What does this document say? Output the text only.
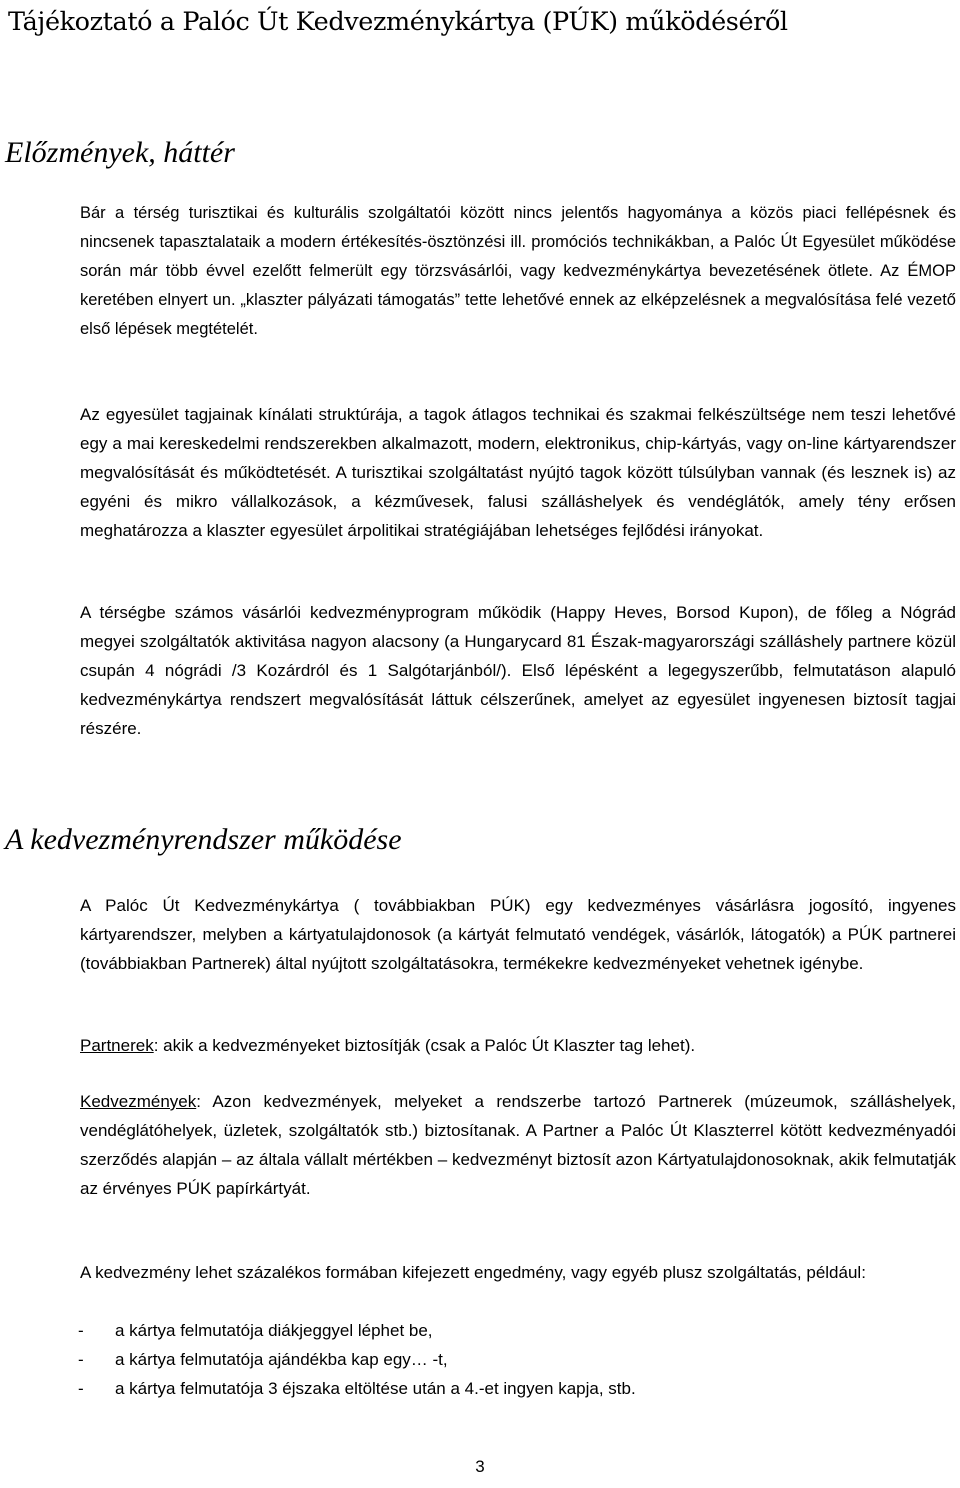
Tájékoztató a Palóc Út Kedvezménykártya (PÚK) működéséről
Előzmények, háttér

Bár a térség turisztikai és kulturális szolgáltatói között nincs jelentős hagyománya a közös piaci fellépésnek és nincsenek tapasztalataik a modern értékesítés-ösztönzési ill. promóciós technikákban, a Palóc Út Egyesület működése során már több évvel ezelőtt felmerült egy törzsvásárlói, vagy kedvezménykártya bevezetésének ötlete. Az ÉMOP keretében elnyert un. „klaszter pályázati támogatás” tette lehetővé ennek az elképzelésnek a megvalósítása felé vezető első lépések megtételét.

Az egyesület tagjainak kínálati struktúrája, a tagok átlagos technikai és szakmai felkészültsége nem teszi lehetővé egy a mai kereskedelmi rendszerekben alkalmazott, modern, elektronikus, chip-kártyás, vagy on-line kártyarendszer megvalósítását és működtetését. A turisztikai szolgáltatást nyújtó tagok között túlsúlyban vannak (és lesznek is) az egyéni és mikro vállalkozások, a kézművesek, falusi szálláshelyek és vendéglátók, amely tény erősen meghatározza a klaszter egyesület árpolitikai stratégiájában lehetséges fejlődési irányokat.

A térségbe számos vásárlói kedvezményprogram működik (Happy Heves, Borsod Kupon), de főleg a Nógrád megyei szolgáltatók aktivitása nagyon alacsony (a Hungarycard 81 Észak-magyarországi szálláshely partnere közül csupán 4 nógrádi /3 Kozárdról és 1 Salgótarjánból/). Első lépésként a legegyszerűbb, felmutatáson alapuló kedvezménykártya rendszert megvalósítását láttuk célszerűnek, amelyet az egyesület ingyenesen biztosít tagjai részére.

A kedvezményrendszer működése

A Palóc Út Kedvezménykártya ( továbbiakban PÚK) egy kedvezményes vásárlásra jogosító, ingyenes kártyarendszer, melyben a kártyatulajdonosok (a kártyát felmutató vendégek, vásárlók, látogatók) a PÚK partnerei (továbbiakban Partnerek) által nyújtott szolgáltatásokra, termékekre kedvezményeket vehetnek igénybe.

Partnerek: akik a kedvezményeket biztosítják (csak a Palóc Út Klaszter tag lehet).

Kedvezmények: Azon kedvezmények, melyeket a rendszerbe tartozó Partnerek (múzeumok, szálláshelyek, vendéglátóhelyek, üzletek, szolgáltatók stb.) biztosítanak. A Partner a Palóc Út Klaszterrel kötött kedvezményadói szerződés alapján – az általa vállalt mértékben – kedvezményt biztosít azon Kártyatulajdonosoknak, akik felmutatják az érvényes PÚK papírkártyát.

A kedvezmény lehet százalékos formában kifejezett engedmény, vagy egyéb plusz szolgáltatás, például:

-	a kártya felmutatója diákjeggyel léphet be,
-	a kártya felmutatója ajándékba kap egy… -t,
-	a kártya felmutatója 3 éjszaka eltöltése után a 4.-et ingyen kapja, stb.
3
